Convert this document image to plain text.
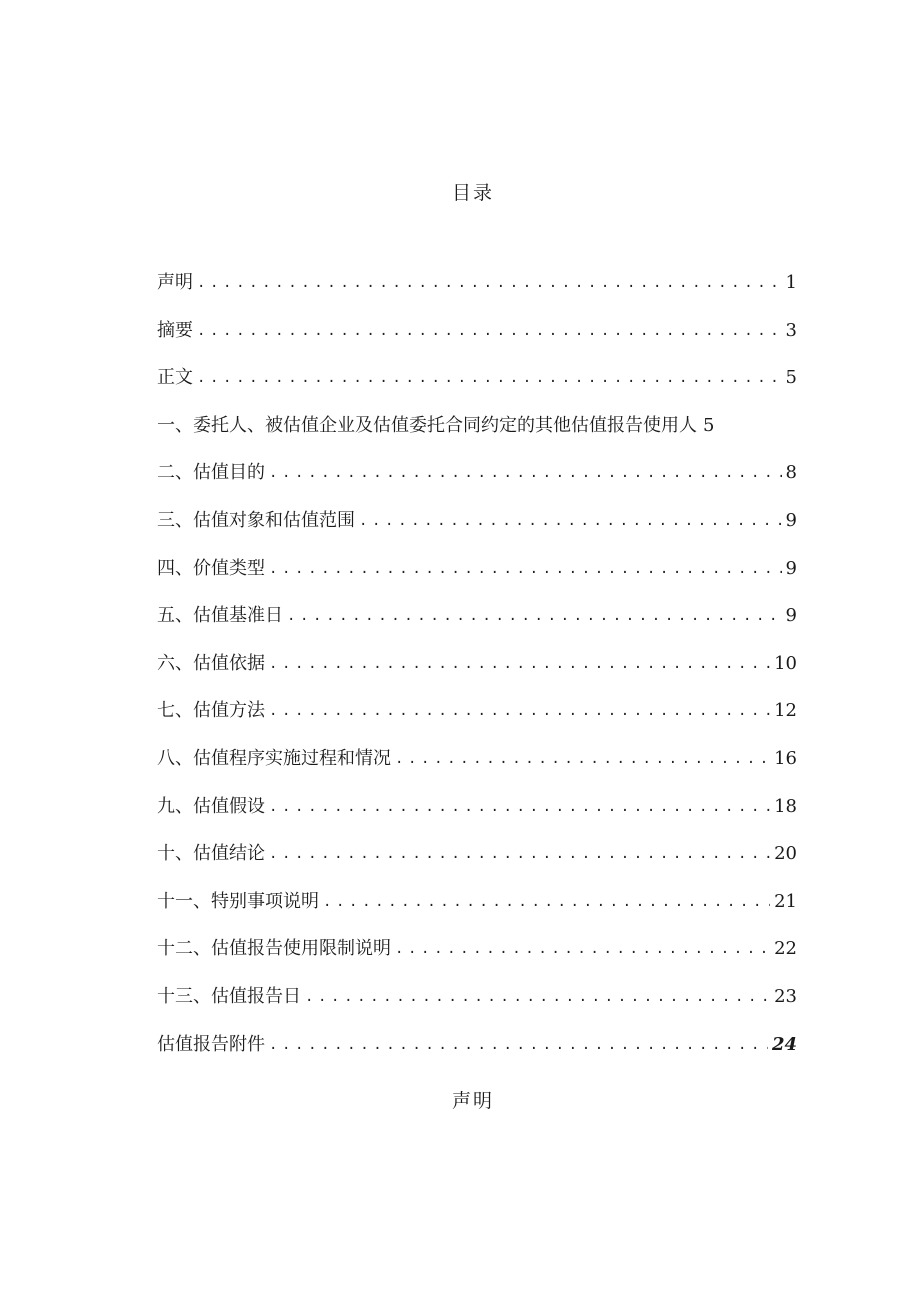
目录
声明 .....	1
摘要 .....	3
正文 .....	5
一、委托人、被估值企业及估值委托合同约定的其他估值报告使用人 5
二、估值目的 .....	8
三、估值对象和估值范围 .....	9
四、价值类型 .....	9
五、估值基准日 .....	9
六、估值依据 .....	10
七、估值方法 .....	12
八、估值程序实施过程和情况 .....	16
九、估值假设 .....	18
十、估值结论 .....	20
十一、特别事项说明 .....	21
十二、估值报告使用限制说明 .....	22
十三、估值报告日 .....	23
估值报告附件 .....	24
声明
